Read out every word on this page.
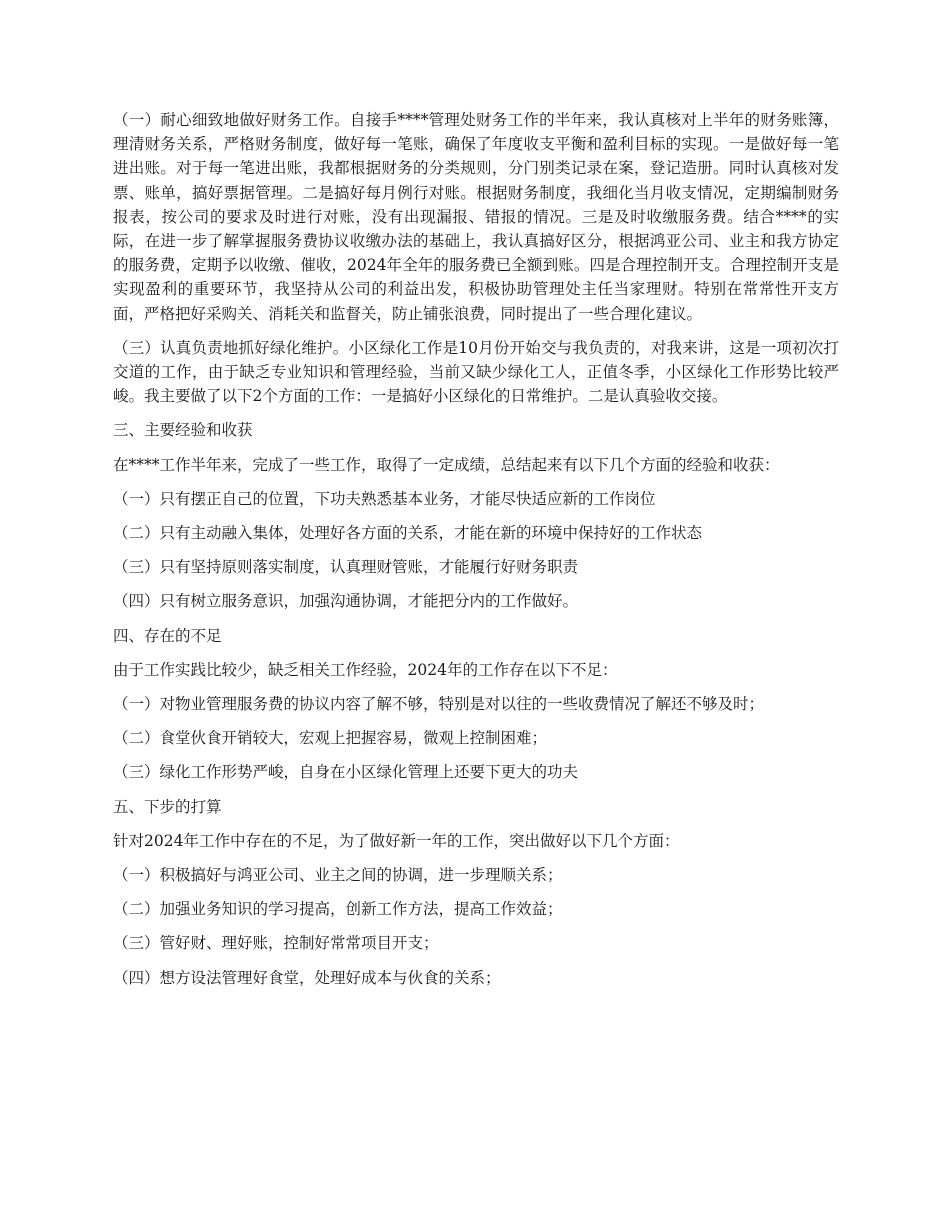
（一）耐心细致地做好财务工作。自接手****管理处财务工作的半年来，我认真核对上半年的财务账簿，理清财务关系，严格财务制度，做好每一笔账，确保了年度收支平衡和盈利目标的实现。一是做好每一笔进出账。对于每一笔进出账，我都根据财务的分类规则，分门别类记录在案，登记造册。同时认真核对发票、账单，搞好票据管理。二是搞好每月例行对账。根据财务制度，我细化当月收支情况，定期编制财务报表，按公司的要求及时进行对账，没有出现漏报、错报的情况。三是及时收缴服务费。结合****的实际，在进一步了解掌握服务费协议收缴办法的基础上，我认真搞好区分，根据鸿亚公司、业主和我方协定的服务费，定期予以收缴、催收，2024年全年的服务费已全额到账。四是合理控制开支。合理控制开支是实现盈利的重要环节，我坚持从公司的利益出发，积极协助管理处主任当家理财。特别在常常性开支方面，严格把好采购关、消耗关和监督关，防止铺张浪费，同时提出了一些合理化建议。

（三）认真负责地抓好绿化维护。小区绿化工作是10月份开始交与我负责的，对我来讲，这是一项初次打交道的工作，由于缺乏专业知识和管理经验，当前又缺少绿化工人，正值冬季，小区绿化工作形势比较严峻。我主要做了以下2个方面的工作：一是搞好小区绿化的日常维护。二是认真验收交接。

三、主要经验和收获

在****工作半年来，完成了一些工作，取得了一定成绩，总结起来有以下几个方面的经验和收获：

（一）只有摆正自己的位置，下功夫熟悉基本业务，才能尽快适应新的工作岗位

（二）只有主动融入集体，处理好各方面的关系，才能在新的环境中保持好的工作状态

（三）只有坚持原则落实制度，认真理财管账，才能履行好财务职责

（四）只有树立服务意识，加强沟通协调，才能把分内的工作做好。

四、存在的不足

由于工作实践比较少，缺乏相关工作经验，2024年的工作存在以下不足：

（一）对物业管理服务费的协议内容了解不够，特别是对以往的一些收费情况了解还不够及时；

（二）食堂伙食开销较大，宏观上把握容易，微观上控制困难；

（三）绿化工作形势严峻，自身在小区绿化管理上还要下更大的功夫

五、下步的打算

针对2024年工作中存在的不足，为了做好新一年的工作，突出做好以下几个方面：

（一）积极搞好与鸿亚公司、业主之间的协调，进一步理顺关系；

（二）加强业务知识的学习提高，创新工作方法，提高工作效益；

（三）管好财、理好账，控制好常常项目开支；

（四）想方设法管理好食堂，处理好成本与伙食的关系；
